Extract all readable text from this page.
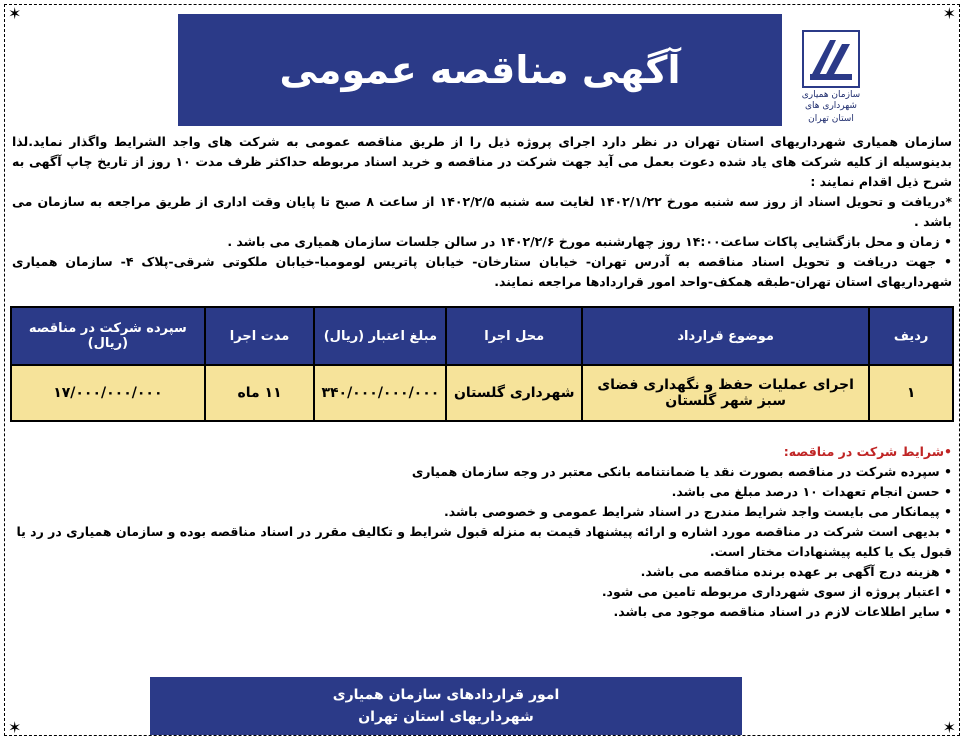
✶	✶
✶	✶
آگهی مناقصه عمومی
سازمان همیاری شهرداری های
استان تهران

سازمان همیاری شهرداریهای استان تهران در نظر دارد اجرای پروژه ذیل را از طریق مناقصه عمومی به شرکت های واجد الشرایط واگذار نماید.لذا بدینوسیله از کلیه شرکت های یاد شده دعوت بعمل می آید جهت شرکت در مناقصه و خرید اسناد مربوطه حداکثر ظرف مدت ۱۰ روز از تاریخ چاپ آگهی به شرح ذیل اقدام نمایند :

*دریافت و تحویل اسناد از روز سه شنبه مورخ ۱۴۰۲/۱/۲۲ لغایت سه شنبه ۱۴۰۲/۲/۵ از ساعت ۸ صبح تا پایان وقت اداری از طریق مراجعه به سازمان می باشد .

• زمان و محل بازگشایی پاکات ساعت۱۴:۰۰ روز چهارشنبه مورخ ۱۴۰۲/۲/۶ در سالن جلسات سازمان همیاری می باشد .

• جهت دریافت و تحویل اسناد مناقصه به آدرس تهران- خیابان ستارخان- خیابان پاتریس لومومبا-خیابان ملکوتی شرقی-پلاک ۴- سازمان همیاری شهرداریهای استان تهران-طبقه همکف-واحد امور قراردادها مراجعه نمایند.

ردیف	موضوع قرارداد	محل اجرا	مبلغ اعتبار (ریال)	مدت اجرا	سپرده شرکت در مناقصه (ریال)
۱	اجرای عملیات حفظ و نگهداری فضای سبز شهر گلستان	شهرداری گلستان	۳۴۰/۰۰۰/۰۰۰/۰۰۰	۱۱ ماه	۱۷/۰۰۰/۰۰۰/۰۰۰

•شرایط شرکت در مناقصه:

• سپرده شرکت در مناقصه بصورت نقد یا ضمانتنامه بانکی معتبر در وجه سازمان همیاری

• حسن انجام تعهدات ۱۰ درصد مبلغ می باشد.

• پیمانکار می بایست واجد شرایط مندرج در اسناد شرایط عمومی و خصوصی باشد.

• بدیهی است شرکت در مناقصه مورد اشاره و ارائه پیشنهاد قیمت به منزله قبول شرایط و تکالیف مقرر در اسناد مناقصه بوده و سازمان همیاری در رد یا قبول یک یا کلیه پیشنهادات مختار است.

• هزینه درج آگهی بر عهده برنده مناقصه می باشد.

• اعتبار پروژه از سوی شهرداری مربوطه تامین می شود.

• سایر اطلاعات لازم در اسناد مناقصه موجود می باشد.

امور قراردادهای سازمان همیاری
شهرداریهای استان تهران
